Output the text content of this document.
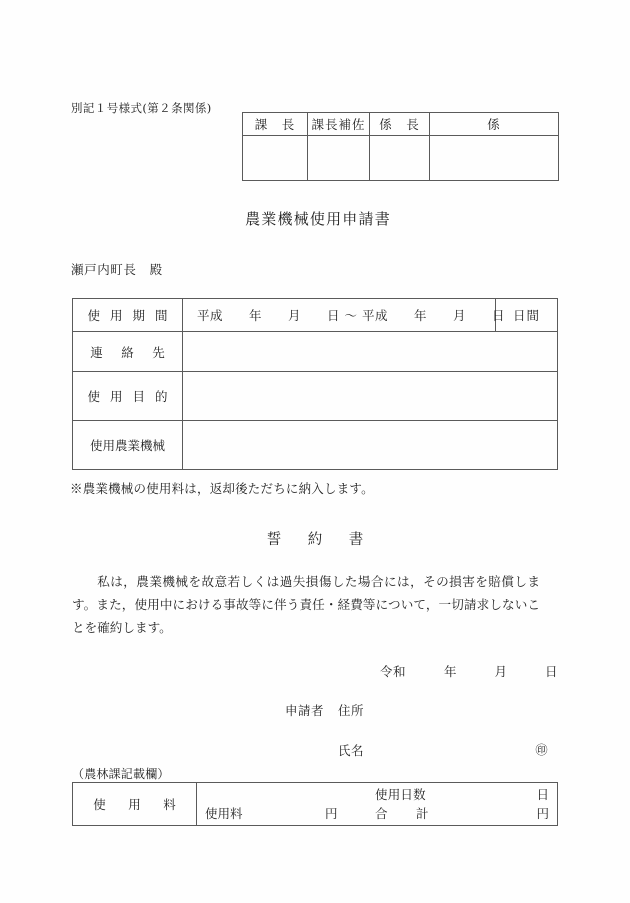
別記１号様式(第２条関係)
課　長	課長補佐	係　長	係

農業機械使用申請書
瀬戸内町長　殿
使 用 期 間	平成　　年　　月　　日 ～ 平成　　年　　月　　日	日間
連　絡　先		
使 用 目 的		
使用農業機械		
※農業機械の使用料は，返却後ただちに納入します。
誓　約　書
私は，農業機械を故意若しくは過失損傷した場合には，その損害を賠償します。また，使用中における事故等に伴う責任・経費等について，一切請求しないことを確約します。
令和	年	月	日
申請者 住所
氏名	㊞
（農林課記載欄）
使　用　料	
使用日数	日
使用料	円	合　計	円
